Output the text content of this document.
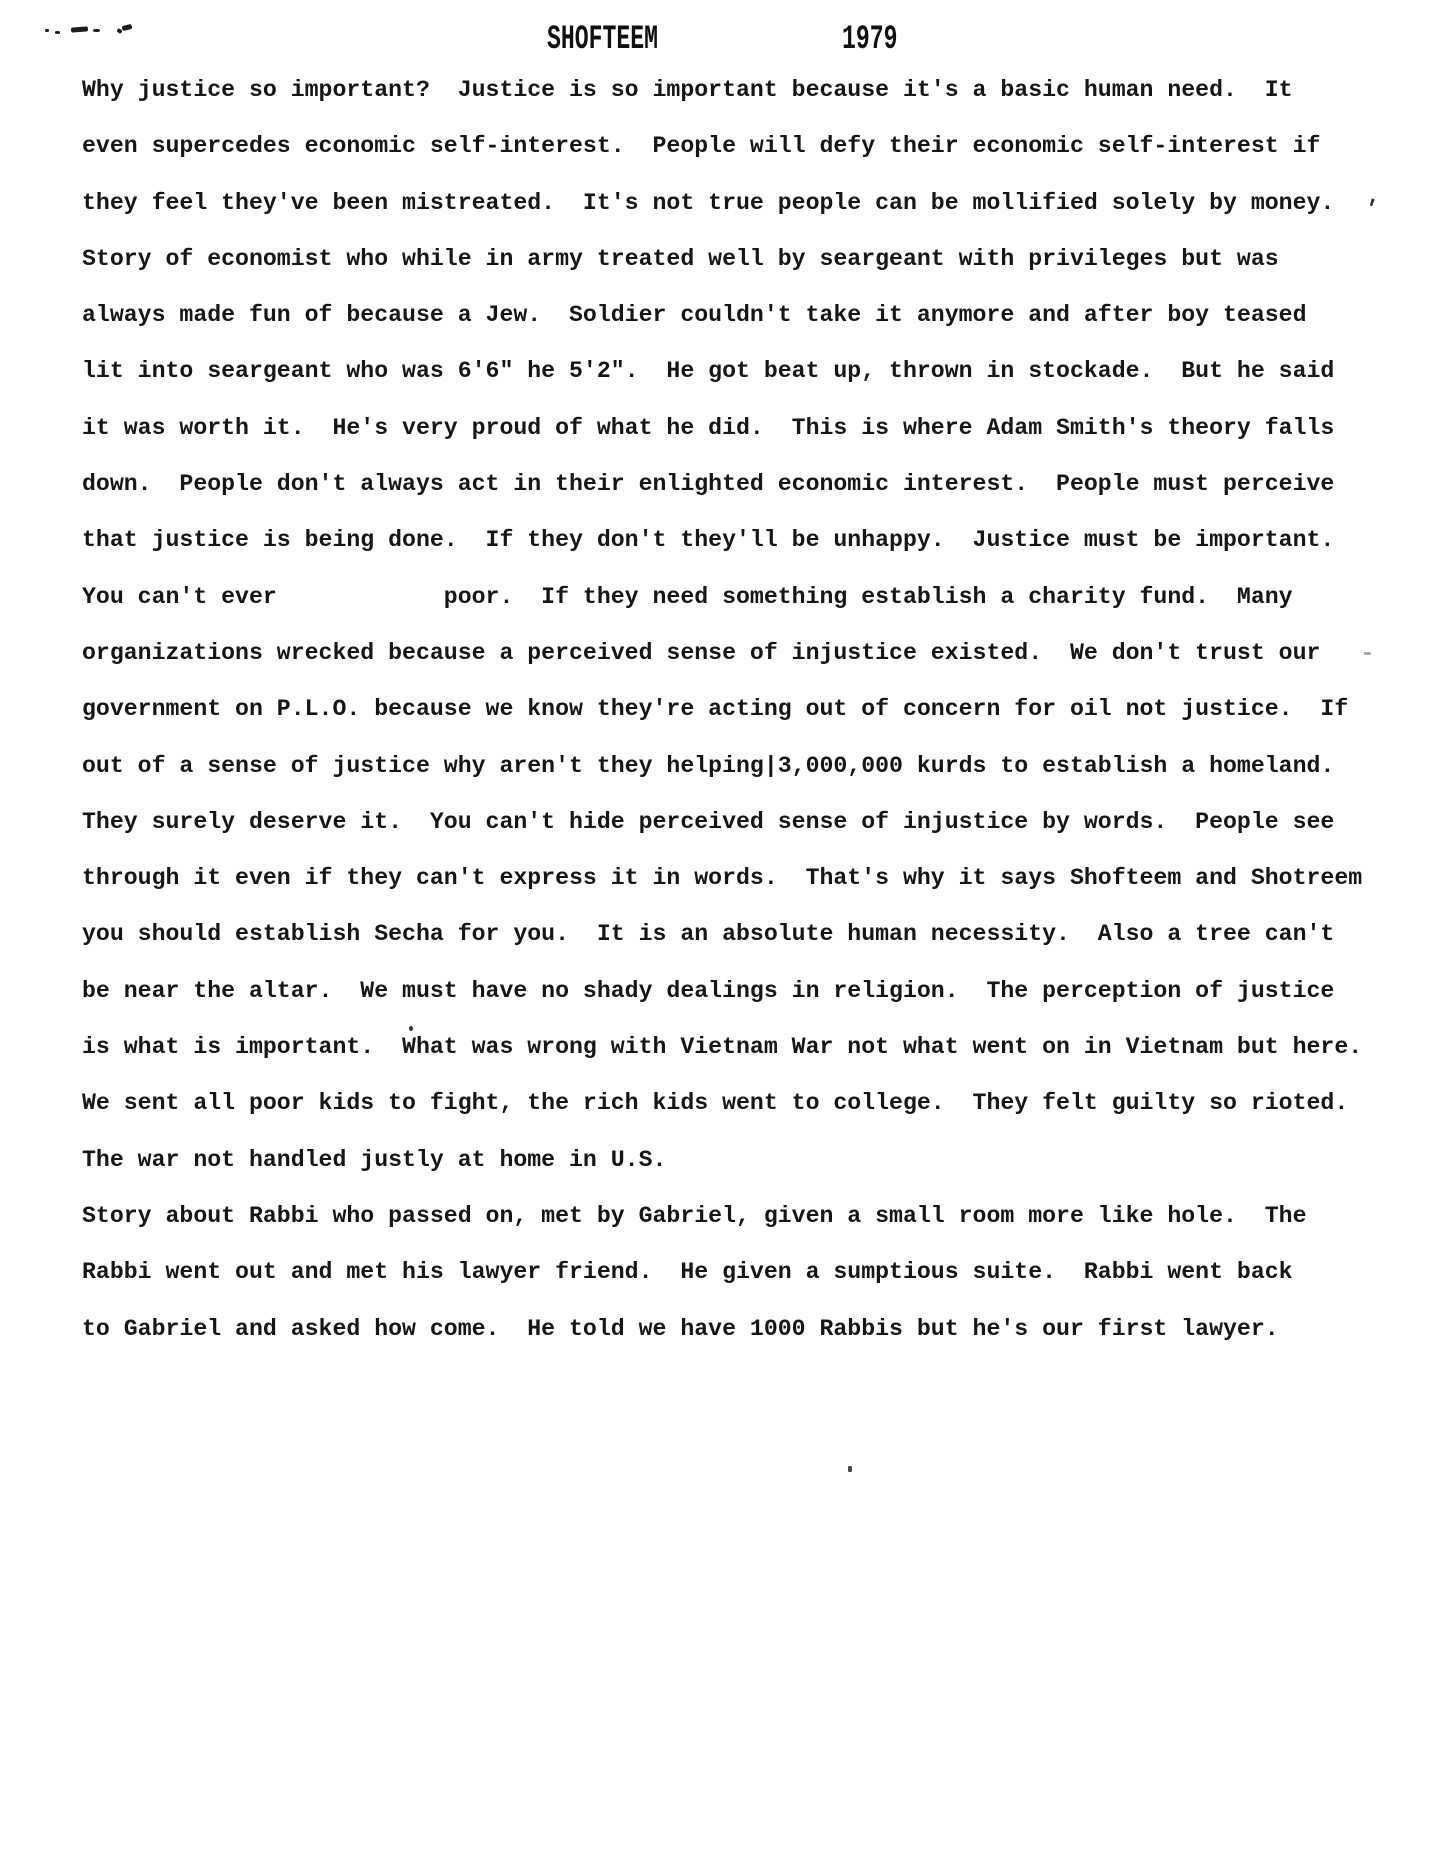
SHOFTEEM	1979
Why justice so important?  Justice is so important because it's a basic human need.  It
even supercedes economic self-interest.  People will defy their economic self-interest if
they feel they've been mistreated.  It's not true people can be mollified solely by money.
Story of economist who while in army treated well by seargeant with privileges but was
always made fun of because a Jew.  Soldier couldn't take it anymore and after boy teased
lit into seargeant who was 6'6" he 5'2".  He got beat up, thrown in stockade.  But he said
it was worth it.  He's very proud of what he did.  This is where Adam Smith's theory falls
down.  People don't always act in their enlighted economic interest.  People must perceive
that justice is being done.  If they don't they'll be unhappy.  Justice must be important.
You can't ever            poor.  If they need something establish a charity fund.  Many
organizations wrecked because a perceived sense of injustice existed.  We don't trust our
government on P.L.O. because we know they're acting out of concern for oil not justice.  If
out of a sense of justice why aren't they helping|3,000,000 kurds to establish a homeland.
They surely deserve it.  You can't hide perceived sense of injustice by words.  People see
through it even if they can't express it in words.  That's why it says Shofteem and Shotreem
you should establish Secha for you.  It is an absolute human necessity.  Also a tree can't
be near the altar.  We must have no shady dealings in religion.  The perception of justice
is what is important.  What was wrong with Vietnam War not what went on in Vietnam but here.
We sent all poor kids to fight, the rich kids went to college.  They felt guilty so rioted.
The war not handled justly at home in U.S.
Story about Rabbi who passed on, met by Gabriel, given a small room more like hole.  The
Rabbi went out and met his lawyer friend.  He given a sumptious suite.  Rabbi went back
to Gabriel and asked how come.  He told we have 1000 Rabbis but he's our first lawyer.
'
